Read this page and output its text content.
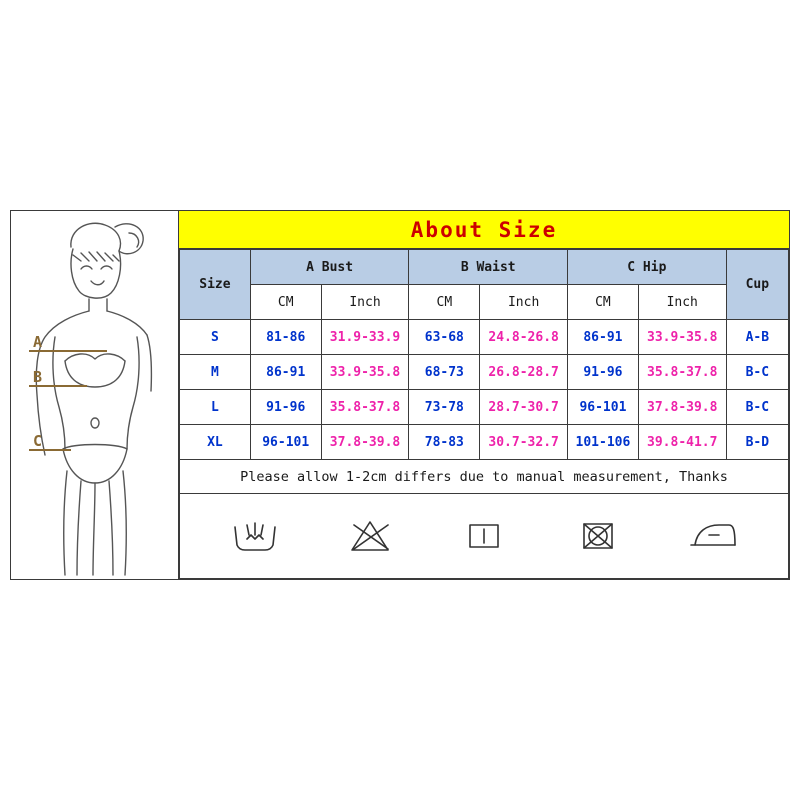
A
B
C
About Size
Size	A Bust		B Waist		C Hip		Cup
	CM	Inch	CM	Inch	CM	Inch	
S	81-86	31.9-33.9	63-68	24.8-26.8	86-91	33.9-35.8	A-B
M	86-91	33.9-35.8	68-73	26.8-28.7	91-96	35.8-37.8	B-C
L	91-96	35.8-37.8	73-78	28.7-30.7	96-101	37.8-39.8	B-C
XL	96-101	37.8-39.8	78-83	30.7-32.7	101-106	39.8-41.7	B-D
Please allow 1-2cm differs due to manual measurement, Thanks
